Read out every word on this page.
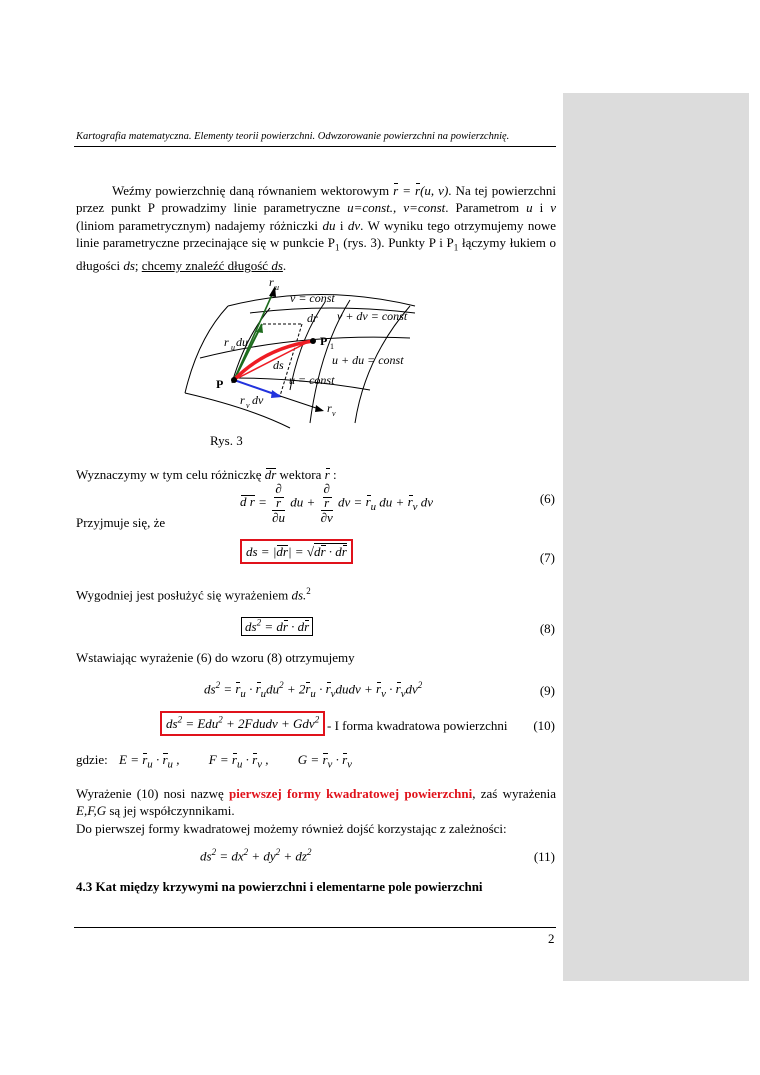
Kartografia matematyczna. Elementy teorii powierzchni. Odwzorowanie powierzchni na powierzchnię.
Weźmy powierzchnię daną równaniem wektorowym r = r(u, v). Na tej powierzchni przez punkt P prowadzimy linie parametryczne u=const., v=const. Parametrom u i v (liniom parametrycznym) nadajemy różniczki du i dv. W wyniku tego otrzymujemy nowe linie parametryczne przecinające się w punkcie $P_1$ (rys. 3). Punkty P i $P_1$ łączymy łukiem o długości ds; chcemy znaleźć długość ds.
r u
v = const
dr v + dv = const
r u du	P 1
ds	u + du = const
u = const
P
r v dv
r v
Rys. 3
Wyznaczymy w tym celu różniczkę dr wektora r :
d r = ∂
r
∂u du + ∂
r
∂v dv = $r_u$ du + $r_v$ dv	(6)
Przyjmuje się, że
ds = |dr| = √dr · dr	(7)
Wygodniej jest posłużyć się wyrażeniem ds.$^2$
$ds^2$ = dr · dr	(8)
Wstawiając wyrażenie (6) do wzoru (8) otrzymujemy
$ds^2 = r_u \cdot r_udu^2 + 2r_u$ · $r_vdudv + r_v \cdot r_vdv^2$	(9)
$ds^2 = Edu^2$ + 2Fdudv + Gdv$^2$ - I forma kwadratowa powierzchni (10)
gdzie: $E = r_u \cdot r_u$ , $F = r_u \cdot r_v$ , $G = r_v \cdot r_v$
Wyrażenie (10) nosi nazwę pierwszej formy kwadratowej powierzchni, zaś wyrażenia E,F,G są jej współczynnikami.
Do pierwszej formy kwadratowej możemy również dojść korzystając z zależności:
$ds^2 = dx^2 + dy^2 + dz^2$	(11)
4.3 Kat między krzywymi na powierzchni i elementarne pole powierzchni
2
